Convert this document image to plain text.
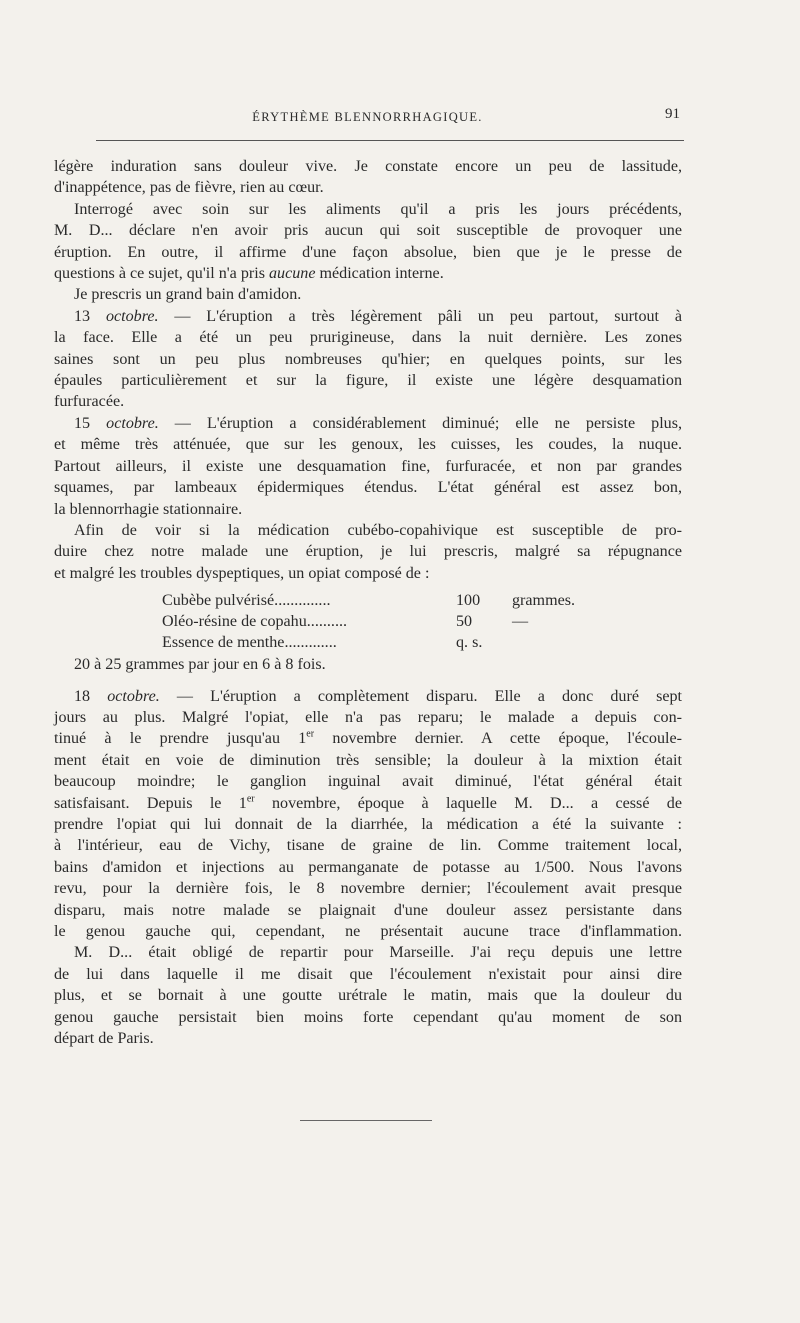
ÉRYTHÈME BLENNORRHAGIQUE.	91
légère induration sans douleur vive. Je constate encore un peu de lassitude,
d'inappétence, pas de fièvre, rien au cœur.
Interrogé avec soin sur les aliments qu'il a pris les jours précédents,
M. D... déclare n'en avoir pris aucun qui soit susceptible de provoquer une
éruption. En outre, il affirme d'une façon absolue, bien que je le presse de
questions à ce sujet, qu'il n'a pris aucune médication interne.
Je prescris un grand bain d'amidon.
13 octobre. — L'éruption a très légèrement pâli un peu partout, surtout à
la face. Elle a été un peu prurigineuse, dans la nuit dernière. Les zones
saines sont un peu plus nombreuses qu'hier; en quelques points, sur les
épaules particulièrement et sur la figure, il existe une légère desquamation
furfuracée.
15 octobre. — L'éruption a considérablement diminué; elle ne persiste plus,
et même très atténuée, que sur les genoux, les cuisses, les coudes, la nuque.
Partout ailleurs, il existe une desquamation fine, furfuracée, et non par grandes
squames, par lambeaux épidermiques étendus. L'état général est assez bon,
la blennorrhagie stationnaire.
Afin de voir si la médication cubébo-copahivique est susceptible de pro-
duire chez notre malade une éruption, je lui prescris, malgré sa répugnance
et malgré les troubles dyspeptiques, un opiat composé de :
Cubèbe pulvérisé..............	100 grammes.
Oléo-résine de copahu..........	50 —
Essence de menthe.............	q. s.
20 à 25 grammes par jour en 6 à 8 fois.
18 octobre. — L'éruption a complètement disparu. Elle a donc duré sept
jours au plus. Malgré l'opiat, elle n'a pas reparu; le malade a depuis con-
tinué à le prendre jusqu'au 1er novembre dernier. A cette époque, l'écoule-
ment était en voie de diminution très sensible; la douleur à la mixtion était
beaucoup moindre; le ganglion inguinal avait diminué, l'état général était
satisfaisant. Depuis le 1er novembre, époque à laquelle M. D... a cessé de
prendre l'opiat qui lui donnait de la diarrhée, la médication a été la suivante :
à l'intérieur, eau de Vichy, tisane de graine de lin. Comme traitement local,
bains d'amidon et injections au permanganate de potasse au 1/500. Nous l'avons
revu, pour la dernière fois, le 8 novembre dernier; l'écoulement avait presque
disparu, mais notre malade se plaignait d'une douleur assez persistante dans
le genou gauche qui, cependant, ne présentait aucune trace d'inflammation.
M. D... était obligé de repartir pour Marseille. J'ai reçu depuis une lettre
de lui dans laquelle il me disait que l'écoulement n'existait pour ainsi dire
plus, et se bornait à une goutte urétrale le matin, mais que la douleur du
genou gauche persistait bien moins forte cependant qu'au moment de son
départ de Paris.
